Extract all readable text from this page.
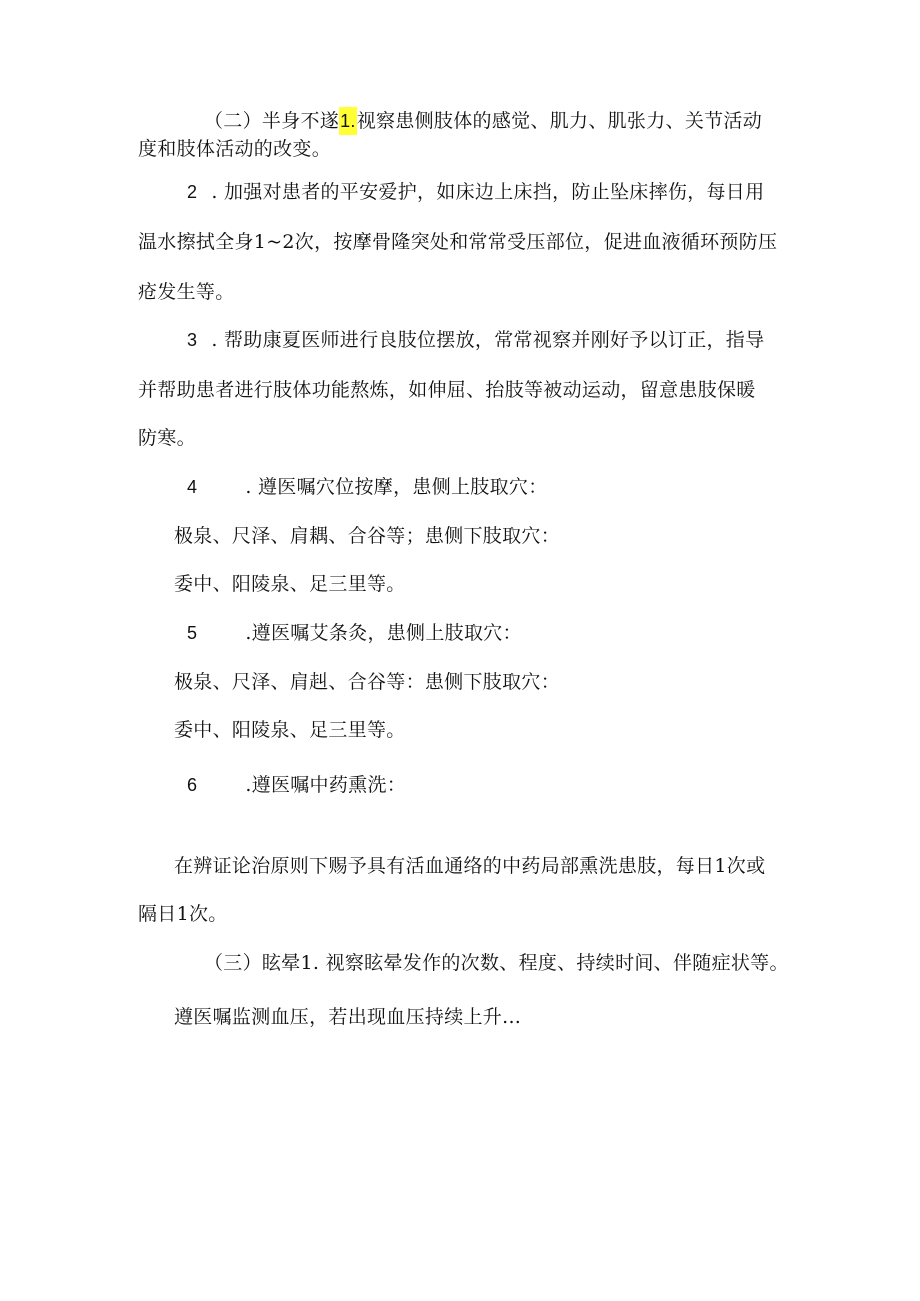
（二）半身不遂1.视察患侧肢体的感觉、肌力、肌张力、关节活动
度和肢体活动的改变。
2 . 加强对患者的平安爱护，如床边上床挡，防止坠床摔伤，每日用
温水擦拭全身1~2次，按摩骨隆突处和常常受压部位，促进血液循环预防压
疮发生等。
3 . 帮助康夏医师进行良肢位摆放，常常视察并刚好予以订正，指导
并帮助患者进行肢体功能熬炼，如伸屈、抬肢等被动运动，留意患肢保暖
防寒。
4	. 遵医嘱穴位按摩，患侧上肢取穴：
极泉、尺泽、肩耦、合谷等；患侧下肢取穴：
委中、阳陵泉、足三里等。
5	.遵医嘱艾条灸，患侧上肢取穴：
极泉、尺泽、肩赳、合谷等：患侧下肢取穴：
委中、阳陵泉、足三里等。
6	.遵医嘱中药熏洗：
在辨证论治原则下赐予具有活血通络的中药局部熏洗患肢，每日1次或
隔日1次。
（三）眩晕1. 视察眩晕发作的次数、程度、持续时间、伴随症状等。
遵医嘱监测血压，若出现血压持续上升...
